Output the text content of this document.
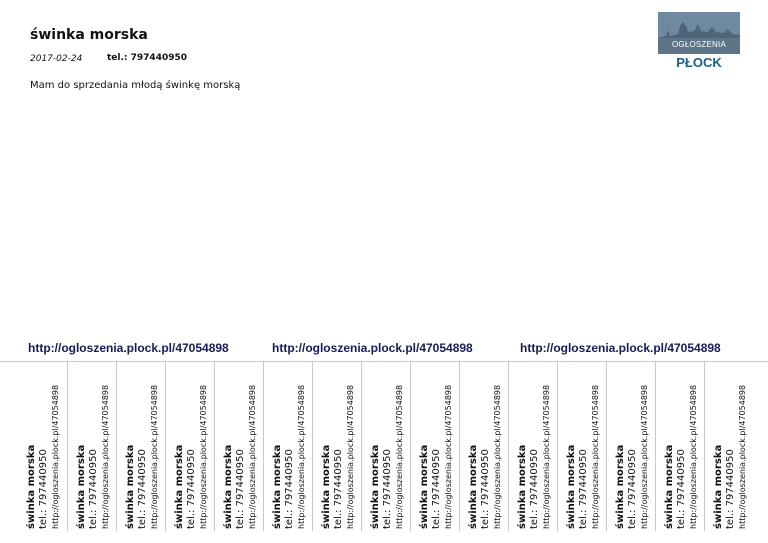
świnka morska
2017-02-24	tel.: 797440950
Mam do sprzedania młodą świnkę morską
OGŁOSZENIA
PŁOCK
http://ogloszenia.plock.pl/47054898	http://ogloszenia.plock.pl/47054898	http://ogloszenia.plock.pl/47054898
świnka morska tel.: 797440950 http://ogloszenia.plock.pl/47054898 świnka morska tel.: 797440950 http://ogloszenia.plock.pl/47054898 świnka morska tel.: 797440950 http://ogloszenia.plock.pl/47054898 świnka morska tel.: 797440950 http://ogloszenia.plock.pl/47054898 świnka morska tel.: 797440950 http://ogloszenia.plock.pl/47054898 świnka morska tel.: 797440950 http://ogloszenia.plock.pl/47054898 świnka morska tel.: 797440950 http://ogloszenia.plock.pl/47054898 świnka morska tel.: 797440950 http://ogloszenia.plock.pl/47054898 świnka morska tel.: 797440950 http://ogloszenia.plock.pl/47054898 świnka morska tel.: 797440950 http://ogloszenia.plock.pl/47054898 świnka morska tel.: 797440950 http://ogloszenia.plock.pl/47054898 świnka morska tel.: 797440950 http://ogloszenia.plock.pl/47054898 świnka morska tel.: 797440950 http://ogloszenia.plock.pl/47054898 świnka morska tel.: 797440950 http://ogloszenia.plock.pl/47054898 świnka morska tel.: 797440950 http://ogloszenia.plock.pl/47054898
